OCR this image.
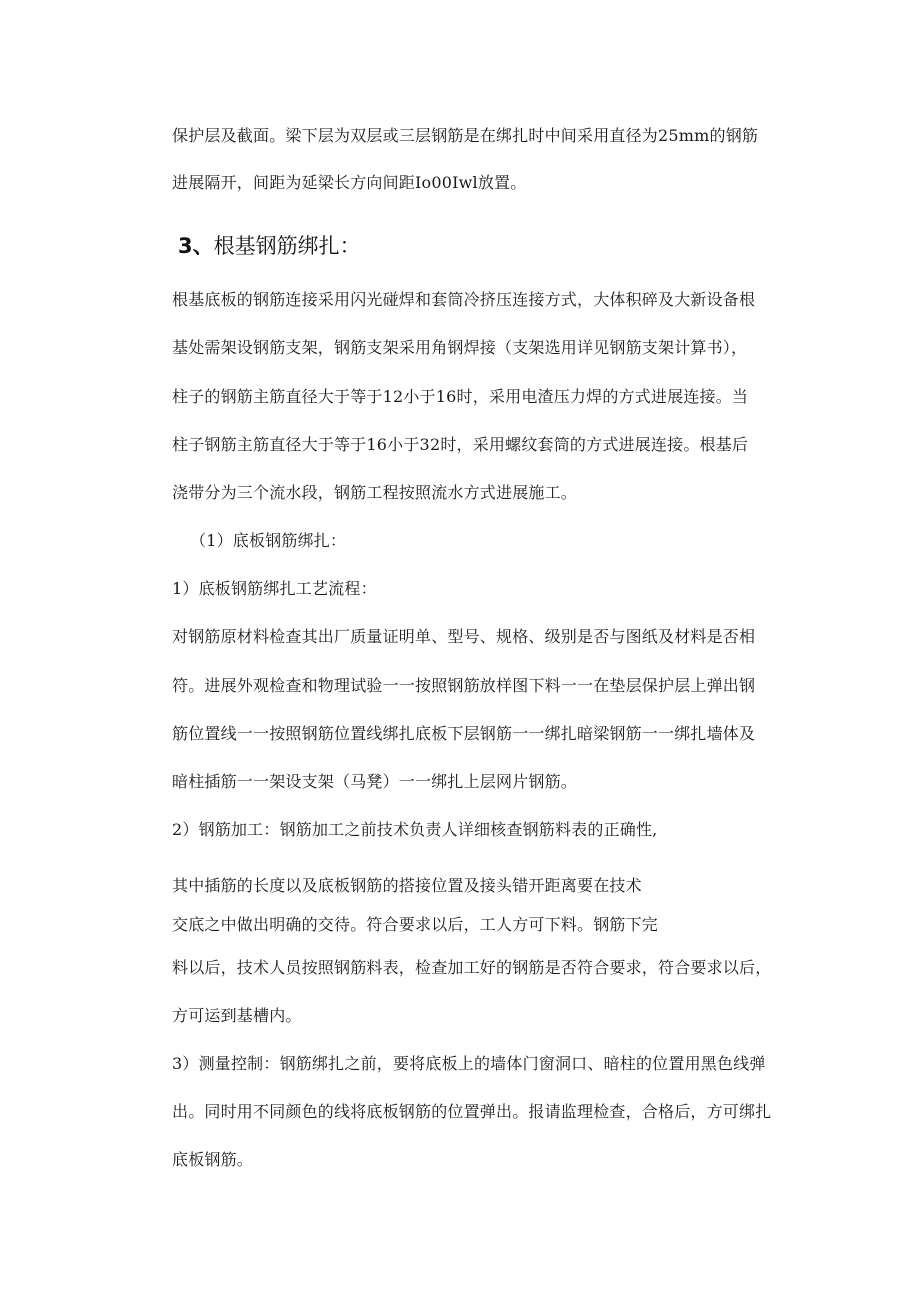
保护层及截面。梁下层为双层或三层钢筋是在绑扎时中间采用直径为25mm的钢筋
进展隔开，间距为延梁长方向间距Io00Iwl放置。
3、根基钢筋绑扎：
根基底板的钢筋连接采用闪光碰焊和套筒冷挤压连接方式，大体积碎及大新设备根
基处需架设钢筋支架，钢筋支架采用角钢焊接（支架选用详见钢筋支架计算书），
柱子的钢筋主筋直径大于等于12小于16时，采用电渣压力焊的方式进展连接。当
柱子钢筋主筋直径大于等于16小于32时，采用螺纹套筒的方式进展连接。根基后
浇带分为三个流水段，钢筋工程按照流水方式进展施工。
（1）底板钢筋绑扎：
1）底板钢筋绑扎工艺流程：
对钢筋原材料检查其出厂质量证明单、型号、规格、级别是否与图纸及材料是否相
符。进展外观检查和物理试验一一按照钢筋放样图下料一一在垫层保护层上弹出钢
筋位置线一一按照钢筋位置线绑扎底板下层钢筋一一绑扎暗梁钢筋一一绑扎墙体及
暗柱插筋一一架设支架（马凳）一一绑扎上层网片钢筋。
2）钢筋加工：钢筋加工之前技术负责人详细核查钢筋料表的正确性,
其中插筋的长度以及底板钢筋的搭接位置及接头错开距离要在技术
交底之中做出明确的交待。符合要求以后，工人方可下料。钢筋下完
料以后，技术人员按照钢筋料表，检查加工好的钢筋是否符合要求，符合要求以后，
方可运到基槽内。
3）测量控制：钢筋绑扎之前，要将底板上的墙体门窗洞口、暗柱的位置用黑色线弹
出。同时用不同颜色的线将底板钢筋的位置弹出。报请监理检查，合格后，方可绑扎
底板钢筋。
